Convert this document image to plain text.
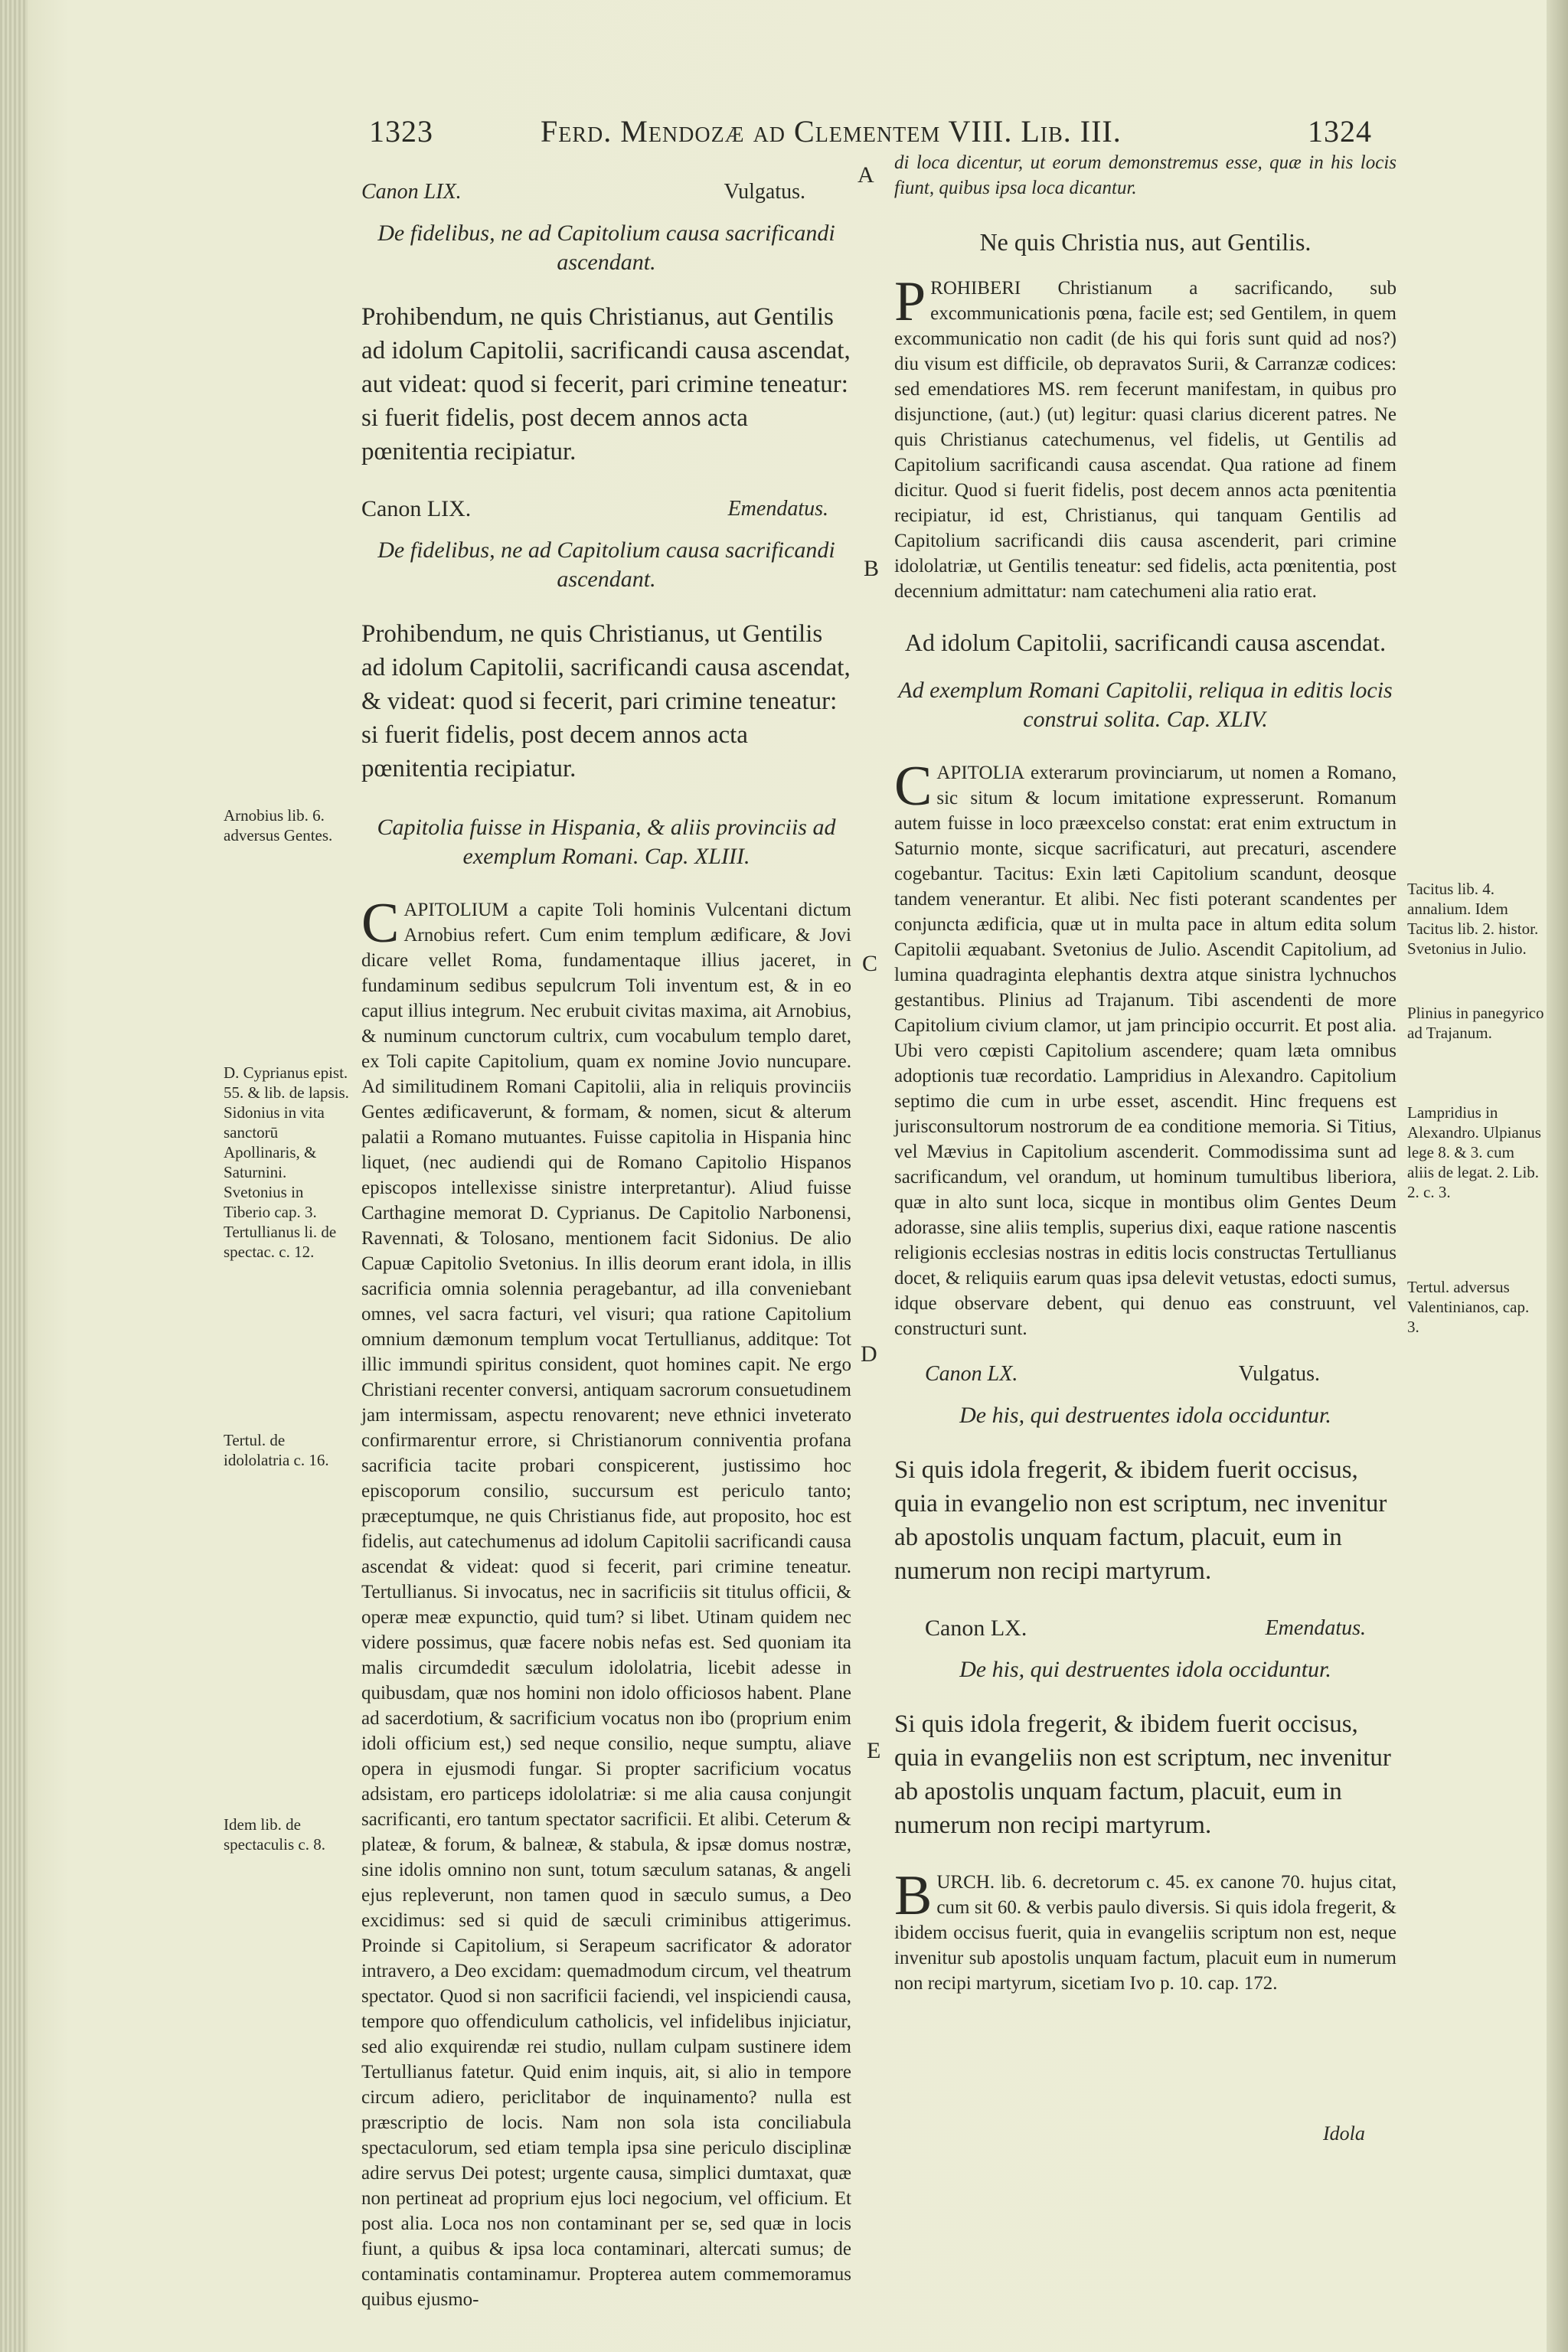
1323	Ferd. Mendozæ ad Clementem VIII. Lib. III.	1324
A
B
C
D
E
Canon LIX.	Vulgatus.
De fidelibus, ne ad Capitolium causa sacrificandi ascendant.
Prohibendum, ne quis Christianus, aut Gentilis ad idolum Capitolii, sacrificandi causa ascendat, aut videat: quod si fecerit, pari crimine teneatur: si fuerit fidelis, post decem annos acta pœnitentia recipiatur.
Canon LIX.	Emendatus.
De fidelibus, ne ad Capitolium causa sacrificandi ascendant.
Prohibendum, ne quis Christianus, ut Gentilis ad idolum Capitolii, sacrificandi causa ascendat, & videat: quod si fecerit, pari crimine teneatur: si fuerit fidelis, post decem annos acta pœnitentia recipiatur.
Capitolia fuisse in Hispania, & aliis provinciis ad exemplum Romani. Cap. XLIII.
CAPITOLIUM a capite Toli hominis Vulcentani dictum Arnobius refert. Cum enim templum ædificare, & Jovi dicare vellet Roma, fundamentaque illius jaceret, in fundaminum sedibus sepulcrum Toli inventum est, & in eo caput illius integrum. Nec erubuit civitas maxima, ait Arnobius, & numinum cunctorum cultrix, cum vocabulum templo daret, ex Toli capite Capitolium, quam ex nomine Jovio nuncupare. Ad similitudinem Romani Capitolii, alia in reliquis provinciis Gentes ædificaverunt, & formam, & nomen, sicut & alterum palatii a Romano mutuantes. Fuisse capitolia in Hispania hinc liquet, (nec audiendi qui de Romano Capitolio Hispanos episcopos intellexisse sinistre interpretantur). Aliud fuisse Carthagine memorat D. Cyprianus. De Capitolio Narbonensi, Ravennati, & Tolosano, mentionem facit Sidonius. De alio Capuæ Capitolio Svetonius. In illis deorum erant idola, in illis sacrificia omnia solennia peragebantur, ad illa conveniebant omnes, vel sacra facturi, vel visuri; qua ratione Capitolium omnium dæmonum templum vocat Tertullianus, additque: Tot illic immundi spiritus consident, quot homines capit. Ne ergo Christiani recenter conversi, antiquam sacrorum consuetudinem jam intermissam, aspectu renovarent; neve ethnici inveterato confirmarentur errore, si Christianorum conniventia profana sacrificia tacite probari conspicerent, justissimo hoc episcoporum consilio, succursum est periculo tanto; præceptumque, ne quis Christianus fide, aut proposito, hoc est fidelis, aut catechumenus ad idolum Capitolii sacrificandi causa ascendat & videat: quod si fecerit, pari crimine teneatur. Tertullianus. Si invocatus, nec in sacrificiis sit titulus officii, & operæ meæ expunctio, quid tum? si libet. Utinam quidem nec videre possimus, quæ facere nobis nefas est. Sed quoniam ita malis circumdedit sæculum idololatria, licebit adesse in quibusdam, quæ nos homini non idolo officiosos habent. Plane ad sacerdotium, & sacrificium vocatus non ibo (proprium enim idoli officium est,) sed neque consilio, neque sumptu, aliave opera in ejusmodi fungar. Si propter sacrificium vocatus adsistam, ero particeps idololatriæ: si me alia causa conjungit sacrificanti, ero tantum spectator sacrificii. Et alibi. Ceterum & plateæ, & forum, & balneæ, & stabula, & ipsæ domus nostræ, sine idolis omnino non sunt, totum sæculum satanas, & angeli ejus repleverunt, non tamen quod in sæculo sumus, a Deo excidimus: sed si quid de sæculi criminibus attigerimus. Proinde si Capitolium, si Serapeum sacrificator & adorator intravero, a Deo excidam: quemadmodum circum, vel theatrum spectator. Quod si non sacrificii faciendi, vel inspiciendi causa, tempore quo offendiculum catholicis, vel infidelibus injiciatur, sed alio exquirendæ rei studio, nullam culpam sustinere idem Tertullianus fatetur. Quid enim inquis, ait, si alio in tempore circum adiero, periclitabor de inquinamento? nulla est præscriptio de locis. Nam non sola ista conciliabula spectaculorum, sed etiam templa ipsa sine periculo disciplinæ adire servus Dei potest; urgente causa, simplici dumtaxat, quæ non pertineat ad proprium ejus loci negocium, vel officium. Et post alia. Loca nos non contaminant per se, sed quæ in locis fiunt, a quibus & ipsa loca contaminari, altercati sumus; de contaminatis contaminamur. Propterea autem commemoramus quibus ejusmo-
di loca dicentur, ut eorum demonstremus esse, quæ in his locis fiunt, quibus ipsa loca dicantur.
Ne quis Christia nus, aut Gentilis.
PROHIBERI Christianum a sacrificando, sub excommunicationis pœna, facile est; sed Gentilem, in quem excommunicatio non cadit (de his qui foris sunt quid ad nos?) diu visum est difficile, ob depravatos Surii, & Carranzæ codices: sed emendatiores MS. rem fecerunt manifestam, in quibus pro disjunctione, (aut.) (ut) legitur: quasi clarius dicerent patres. Ne quis Christianus catechumenus, vel fidelis, ut Gentilis ad Capitolium sacrificandi causa ascendat. Qua ratione ad finem dicitur. Quod si fuerit fidelis, post decem annos acta pœnitentia recipiatur, id est, Christianus, qui tanquam Gentilis ad Capitolium sacrificandi diis causa ascenderit, pari crimine idololatriæ, ut Gentilis teneatur: sed fidelis, acta pœnitentia, post decennium admittatur: nam catechumeni alia ratio erat.
Ad idolum Capitolii, sacrificandi causa ascendat.
Ad exemplum Romani Capitolii, reliqua in editis locis construi solita. Cap. XLIV.
CAPITOLIA exterarum provinciarum, ut nomen a Romano, sic situm & locum imitatione expresserunt. Romanum autem fuisse in loco præexcelso constat: erat enim extructum in Saturnio monte, sicque sacrificaturi, aut precaturi, ascendere cogebantur. Tacitus: Exin læti Capitolium scandunt, deosque tandem venerantur. Et alibi. Nec fisti poterant scandentes per conjuncta ædificia, quæ ut in multa pace in altum edita solum Capitolii æquabant. Svetonius de Julio. Ascendit Capitolium, ad lumina quadraginta elephantis dextra atque sinistra lychnuchos gestantibus. Plinius ad Trajanum. Tibi ascendenti de more Capitolium civium clamor, ut jam principio occurrit. Et post alia. Ubi vero cœpisti Capitolium ascendere; quam læta omnibus adoptionis tuæ recordatio. Lampridius in Alexandro. Capitolium septimo die cum in urbe esset, ascendit. Hinc frequens est jurisconsultorum nostrorum de ea conditione memoria. Si Titius, vel Mævius in Capitolium ascenderit. Commodissima sunt ad sacrificandum, vel orandum, ut hominum tumultibus liberiora, quæ in alto sunt loca, sicque in montibus olim Gentes Deum adorasse, sine aliis templis, superius dixi, eaque ratione nascentis religionis ecclesias nostras in editis locis constructas Tertullianus docet, & reliquiis earum quas ipsa delevit vetustas, edocti sumus, idque observare debent, qui denuo eas construunt, vel constructuri sunt.
Canon LX.	Vulgatus.
De his, qui destruentes idola occiduntur.
Si quis idola fregerit, & ibidem fuerit occisus, quia in evangelio non est scriptum, nec invenitur ab apostolis unquam factum, placuit, eum in numerum non recipi martyrum.
Canon LX.	Emendatus.
De his, qui destruentes idola occiduntur.
Si quis idola fregerit, & ibidem fuerit occisus, quia in evangeliis non est scriptum, nec invenitur ab apostolis unquam factum, placuit, eum in numerum non recipi martyrum.
BURCH. lib. 6. decretorum c. 45. ex canone 70. hujus citat, cum sit 60. & verbis paulo diversis. Si quis idola fregerit, & ibidem occisus fuerit, quia in evangeliis scriptum non est, neque invenitur sub apostolis unquam factum, placuit eum in numerum non recipi martyrum, sicetiam Ivo p. 10. cap. 172.
Arnobius lib. 6. adversus Gentes.
D. Cyprianus epist. 55. & lib. de lapsis. Sidonius in vita sanctorū Apollinaris, & Saturnini. Svetonius in Tiberio cap. 3. Tertullianus li. de spectac. c. 12.
Tertul. de idololatria c. 16.
Idem lib. de spectaculis c. 8.
Tacitus lib. 4. annalium. Idem Tacitus lib. 2. histor. Svetonius in Julio.
Plinius in panegyrico ad Trajanum.
Lampridius in Alexandro. Ulpianus lege 8. & 3. cum aliis de legat. 2. Lib. 2. c. 3.
Tertul. adversus Valentinianos, cap. 3.
Idola
